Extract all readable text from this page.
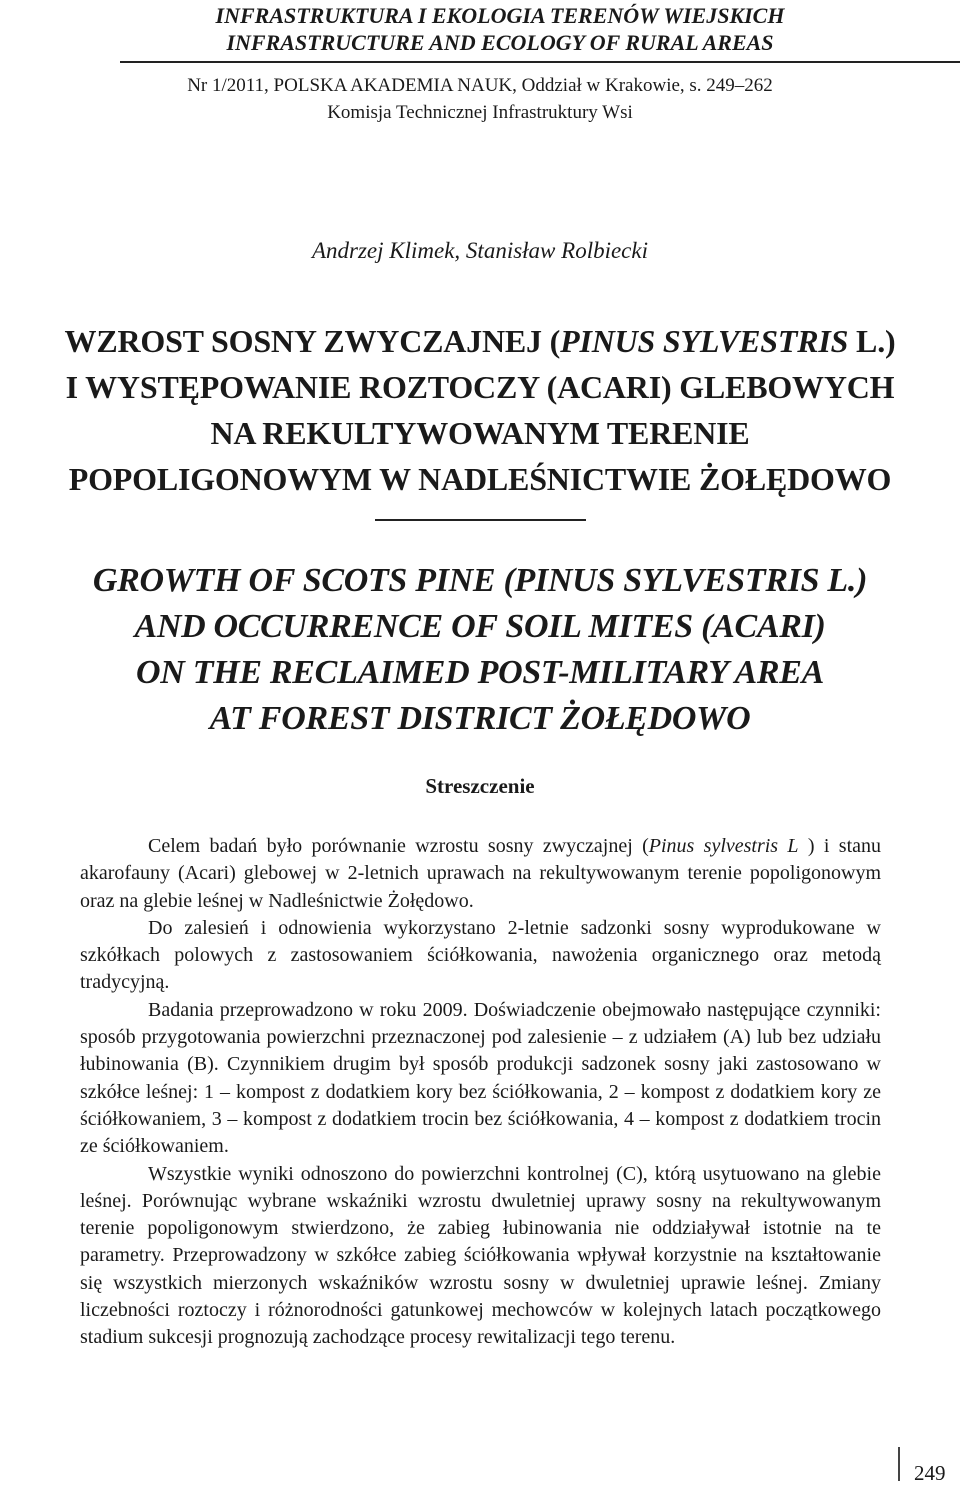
INFRASTRUKTURA I EKOLOGIA TERENÓW WIEJSKICH
INFRASTRUCTURE AND ECOLOGY OF RURAL AREAS
Nr 1/2011, POLSKA AKADEMIA NAUK, Oddział w Krakowie, s. 249–262
Komisja Technicznej Infrastruktury Wsi
Andrzej Klimek, Stanisław Rolbiecki
WZROST SOSNY ZWYCZAJNEJ (PINUS SYLVESTRIS L.)
I WYSTĘPOWANIE ROZTOCZY (ACARI) GLEBOWYCH
NA REKULTYWOWANYM TERENIE
POPOLIGONOWYM W NADLEŚNICTWIE ŻOŁĘDOWO
GROWTH OF SCOTS PINE (PINUS SYLVESTRIS L.)
AND OCCURRENCE OF SOIL MITES (ACARI)
ON THE RECLAIMED POST-MILITARY AREA
AT FOREST DISTRICT ŻOŁĘDOWO
Streszczenie

Celem badań było porównanie wzrostu sosny zwyczajnej (Pinus sylvestris L ) i stanu akarofauny (Acari) glebowej w 2-letnich uprawach na rekultywowanym terenie popoligonowym oraz na glebie leśnej w Nadleśnictwie Żołędowo.

Do zalesień i odnowienia wykorzystano 2-letnie sadzonki sosny wyprodukowane w szkółkach polowych z zastosowaniem ściółkowania, nawożenia organicznego oraz metodą tradycyjną.

Badania przeprowadzono w roku 2009. Doświadczenie obejmowało następujące czynniki: sposób przygotowania powierzchni przeznaczonej pod zalesienie – z udziałem (A) lub bez udziału łubinowania (B). Czynnikiem drugim był sposób produkcji sadzonek sosny jaki zastosowano w szkółce leśnej: 1 – kompost z dodatkiem kory bez ściółkowania, 2 – kompost z dodatkiem kory ze ściółkowaniem, 3 – kompost z dodatkiem trocin bez ściółkowania, 4 – kompost z dodatkiem trocin ze ściółkowaniem.

Wszystkie wyniki odnoszono do powierzchni kontrolnej (C), którą usytuowano na glebie leśnej. Porównując wybrane wskaźniki wzrostu dwuletniej uprawy sosny na rekultywowanym terenie popoligonowym stwierdzono, że zabieg łubinowania nie oddziaływał istotnie na te parametry. Przeprowadzony w szkółce zabieg ściółkowania wpływał korzystnie na kształtowanie się wszystkich mierzonych wskaźników wzrostu sosny w dwuletniej uprawie leśnej. Zmiany liczebności roztoczy i różnorodności gatunkowej mechowców w kolejnych latach początkowego stadium sukcesji prognozują zachodzące procesy rewitalizacji tego terenu.

249
